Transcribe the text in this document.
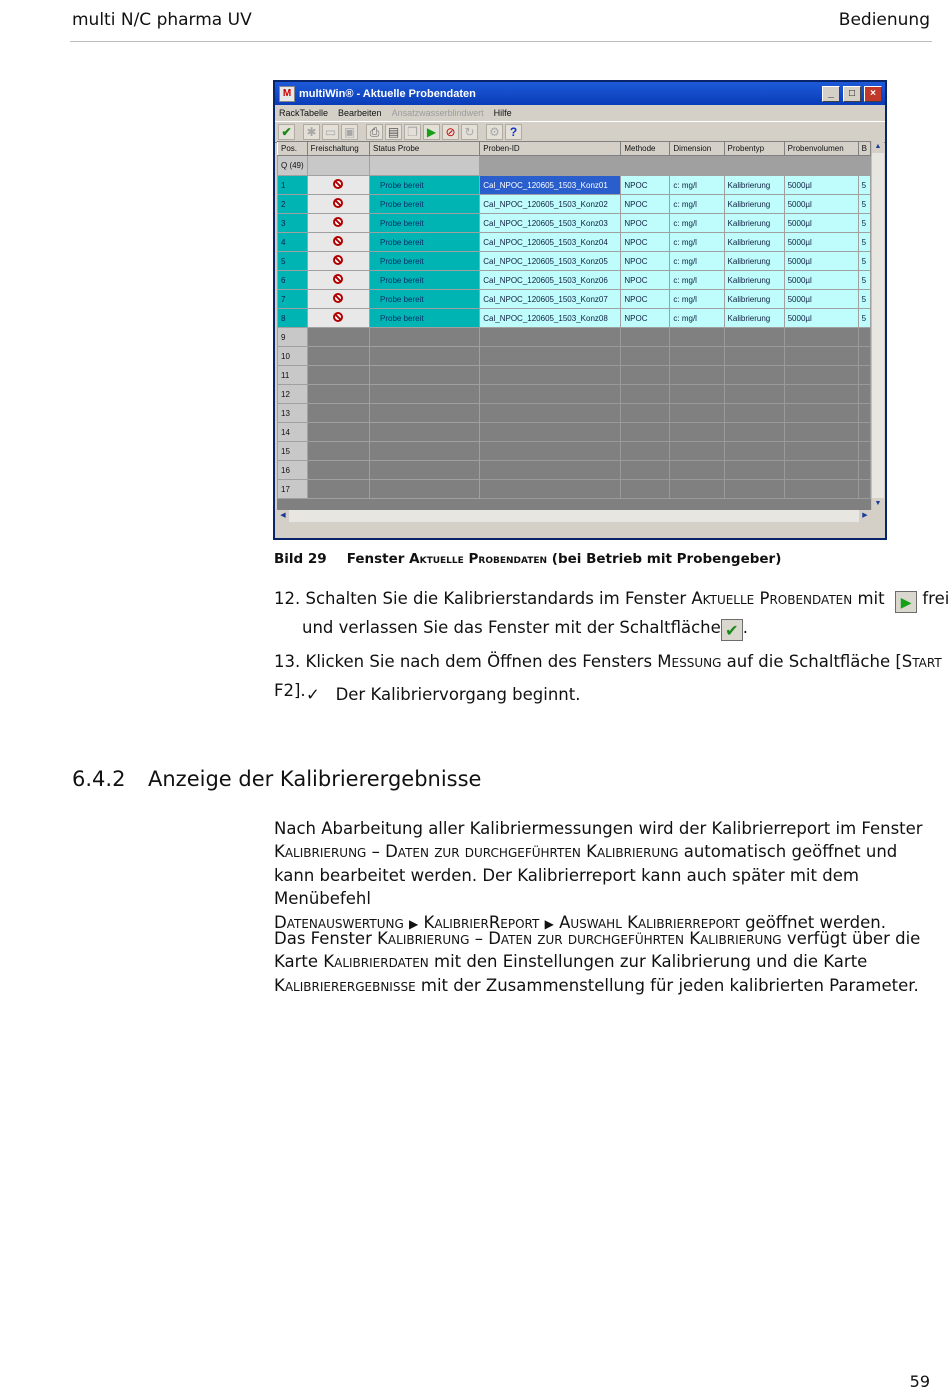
multi N/C pharma UV	Bedienung
M multiWin® - Aktuelle Probendaten	_	□	×
RackTabelle Bearbeiten Ansatzwasserblindwert Hilfe
✔ ✱ ▭ ▣	⎙ ▤ ❐ ▶ ⊘ ↻ ⚙ ?
Pos.	Freischaltung	Status Probe	Proben-ID	Methode	Dimension	Probentyp	Probenvolumen	B
Q (49)								
1		Probe bereit	Cal_NPOC_120605_1503_Konz01	NPOC	c: mg/l	Kalibrierung	5000µl	5
2		Probe bereit	Cal_NPOC_120605_1503_Konz02	NPOC	c: mg/l	Kalibrierung	5000µl	5
3		Probe bereit	Cal_NPOC_120605_1503_Konz03	NPOC	c: mg/l	Kalibrierung	5000µl	5
4		Probe bereit	Cal_NPOC_120605_1503_Konz04	NPOC	c: mg/l	Kalibrierung	5000µl	5
5		Probe bereit	Cal_NPOC_120605_1503_Konz05	NPOC	c: mg/l	Kalibrierung	5000µl	5
6		Probe bereit	Cal_NPOC_120605_1503_Konz06	NPOC	c: mg/l	Kalibrierung	5000µl	5
7		Probe bereit	Cal_NPOC_120605_1503_Konz07	NPOC	c: mg/l	Kalibrierung	5000µl	5
8		Probe bereit	Cal_NPOC_120605_1503_Konz08	NPOC	c: mg/l	Kalibrierung	5000µl	5
9								
10								
11								
12								
13								
14								
15								
16								
17								
▲
▼
◀	▶
Bild 29 Fenster Aktuelle Probendaten (bei Betrieb mit Probengeber)
12. Schalten Sie die Kalibrierstandards im Fenster Aktuelle Probendaten mit ▶ frei
und verlassen Sie das Fenster mit der Schaltfläche ✔ .
13. Klicken Sie nach dem Öffnen des Fensters Messung auf die Schaltfläche [Start F2]. ✓ Der Kalibriervorgang beginnt.
6.4.2 Anzeige der Kalibrierergebnisse
Nach Abarbeitung aller Kalibriermessungen wird der Kalibrierreport im Fenster
Kalibrierung – Daten zur durchgeführten Kalibrierung automatisch geöffnet und kann bearbeitet werden. Der Kalibrierreport kann auch später mit dem Menübefehl
Datenauswertung ▶ KalibrierReport ▶ Auswahl Kalibrierreport geöffnet werden.
Das Fenster Kalibrierung – Daten zur durchgeführten Kalibrierung verfügt über die Karte Kalibrierdaten mit den Einstellungen zur Kalibrierung und die Karte
Kalibrierergebnisse mit der Zusammenstellung für jeden kalibrierten Parameter.
59
